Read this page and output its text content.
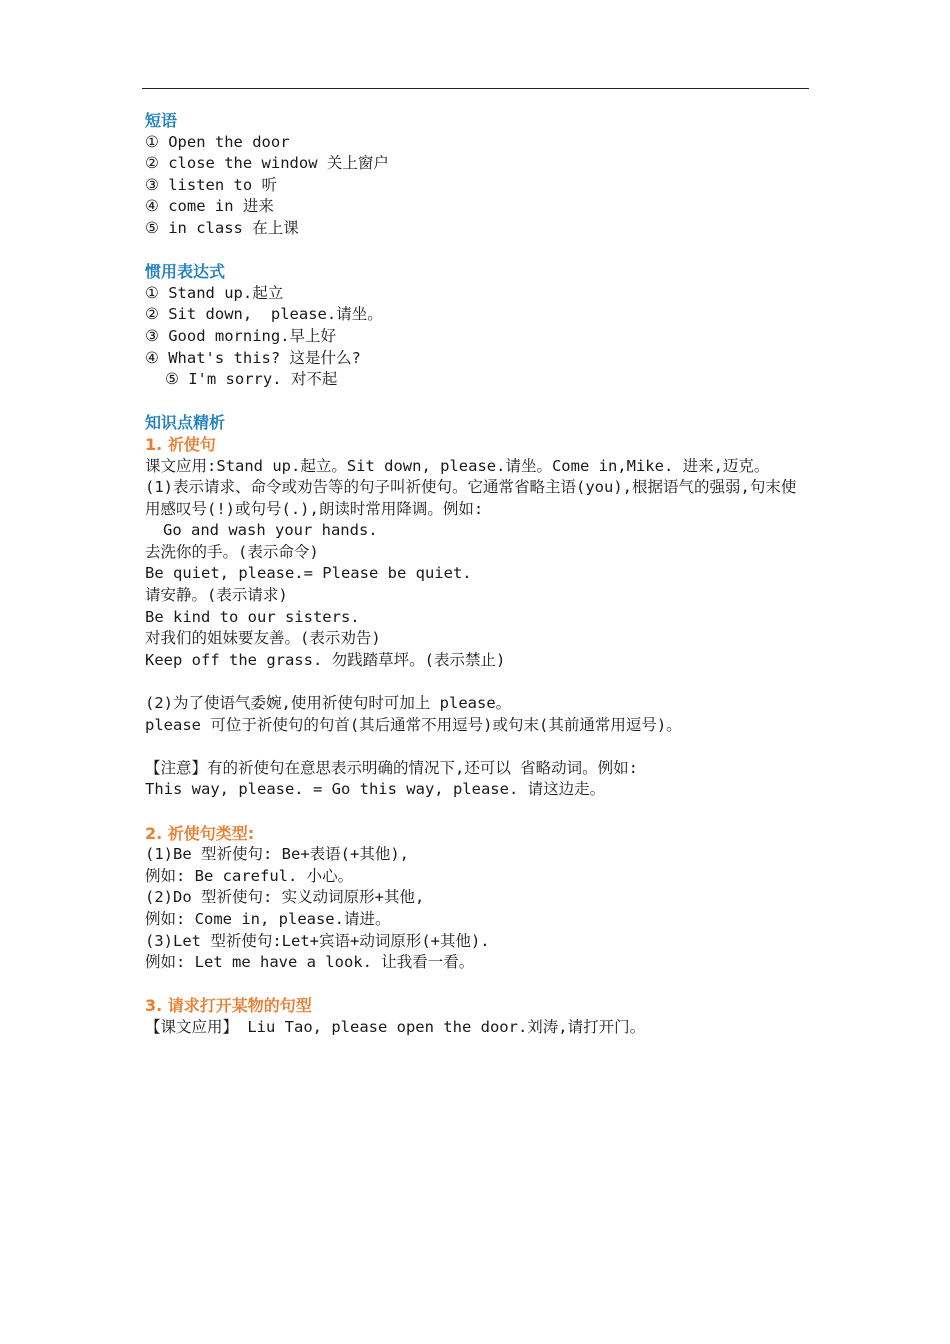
短语
① Open the door
② close the window 关上窗户
③ listen to 听
④ come in 进来
⑤ in class 在上课
惯用表达式
① Stand up.起立
② Sit down,  please.请坐。
③ Good morning.早上好
④ What's this? 这是什么?
⑤ I'm sorry. 对不起
知识点精析
1. 祈使句
课文应用:Stand up.起立。Sit down, please.请坐。Come in,Mike. 进来,迈克。
(1)表示请求、命令或劝告等的句子叫祈使句。它通常省略主语(you),根据语气的强弱,句末使用感叹号(!)或句号(.),朗读时常用降调。例如:
Go and wash your hands.
去洗你的手。(表示命令)
Be quiet, please.= Please be quiet.
请安静。(表示请求)
Be kind to our sisters.
对我们的姐妹要友善。(表示劝告)
Keep off the grass. 勿践踏草坪。(表示禁止)
(2)为了使语气委婉,使用祈使句时可加上 please。
please 可位于祈使句的句首(其后通常不用逗号)或句末(其前通常用逗号)。
【注意】有的祈使句在意思表示明确的情况下,还可以 省略动词。例如:
This way, please. = Go this way, please. 请这边走。
2. 祈使句类型:
(1)Be 型祈使句: Be+表语(+其他),
例如: Be careful. 小心。
(2)Do 型祈使句: 实义动词原形+其他,
例如: Come in, please.请进。
(3)Let 型祈使句:Let+宾语+动词原形(+其他).
例如: Let me have a look. 让我看一看。
3. 请求打开某物的句型
【课文应用】 Liu Tao, please open the door.刘涛,请打开门。
